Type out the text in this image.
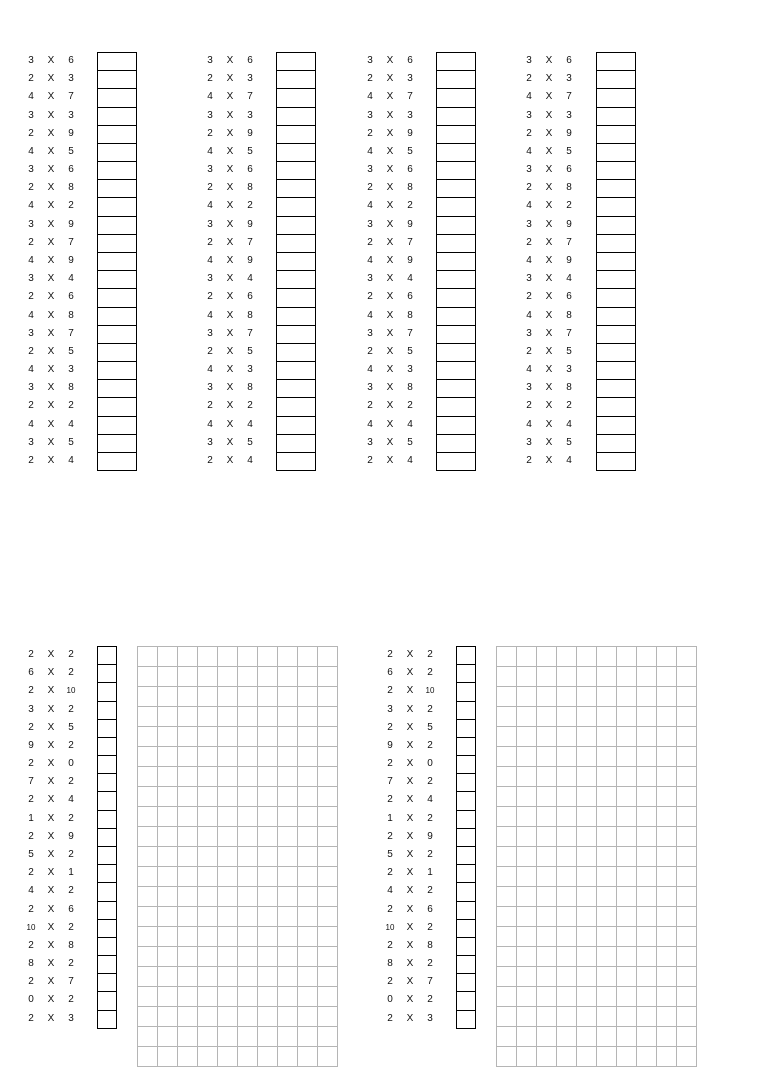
3	X	6
2	X	3
4	X	7
3	X	3
2	X	9
4	X	5
3	X	6
2	X	8
4	X	2
3	X	9
2	X	7
4	X	9
3	X	4
2	X	6
4	X	8
3	X	7
2	X	5
4	X	3
3	X	8
2	X	2
4	X	4
3	X	5
2	X	4
3	X	6
2	X	3
4	X	7
3	X	3
2	X	9
4	X	5
3	X	6
2	X	8
4	X	2
3	X	9
2	X	7
4	X	9
3	X	4
2	X	6
4	X	8
3	X	7
2	X	5
4	X	3
3	X	8
2	X	2
4	X	4
3	X	5
2	X	4
3	X	6
2	X	3
4	X	7
3	X	3
2	X	9
4	X	5
3	X	6
2	X	8
4	X	2
3	X	9
2	X	7
4	X	9
3	X	4
2	X	6
4	X	8
3	X	7
2	X	5
4	X	3
3	X	8
2	X	2
4	X	4
3	X	5
2	X	4
3	X	6
2	X	3
4	X	7
3	X	3
2	X	9
4	X	5
3	X	6
2	X	8
4	X	2
3	X	9
2	X	7
4	X	9
3	X	4
2	X	6
4	X	8
3	X	7
2	X	5
4	X	3
3	X	8
2	X	2
4	X	4
3	X	5
2	X	4
2	X	2
6	X	2
2	X	10
3	X	2
2	X	5
9	X	2
2	X	0
7	X	2
2	X	4
1	X	2
2	X	9
5	X	2
2	X	1
4	X	2
2	X	6
10	X	2
2	X	8
8	X	2
2	X	7
0	X	2
2	X	3
2	X	2
6	X	2
2	X	10
3	X	2
2	X	5
9	X	2
2	X	0
7	X	2
2	X	4
1	X	2
2	X	9
5	X	2
2	X	1
4	X	2
2	X	6
10	X	2
2	X	8
8	X	2
2	X	7
0	X	2
2	X	3
